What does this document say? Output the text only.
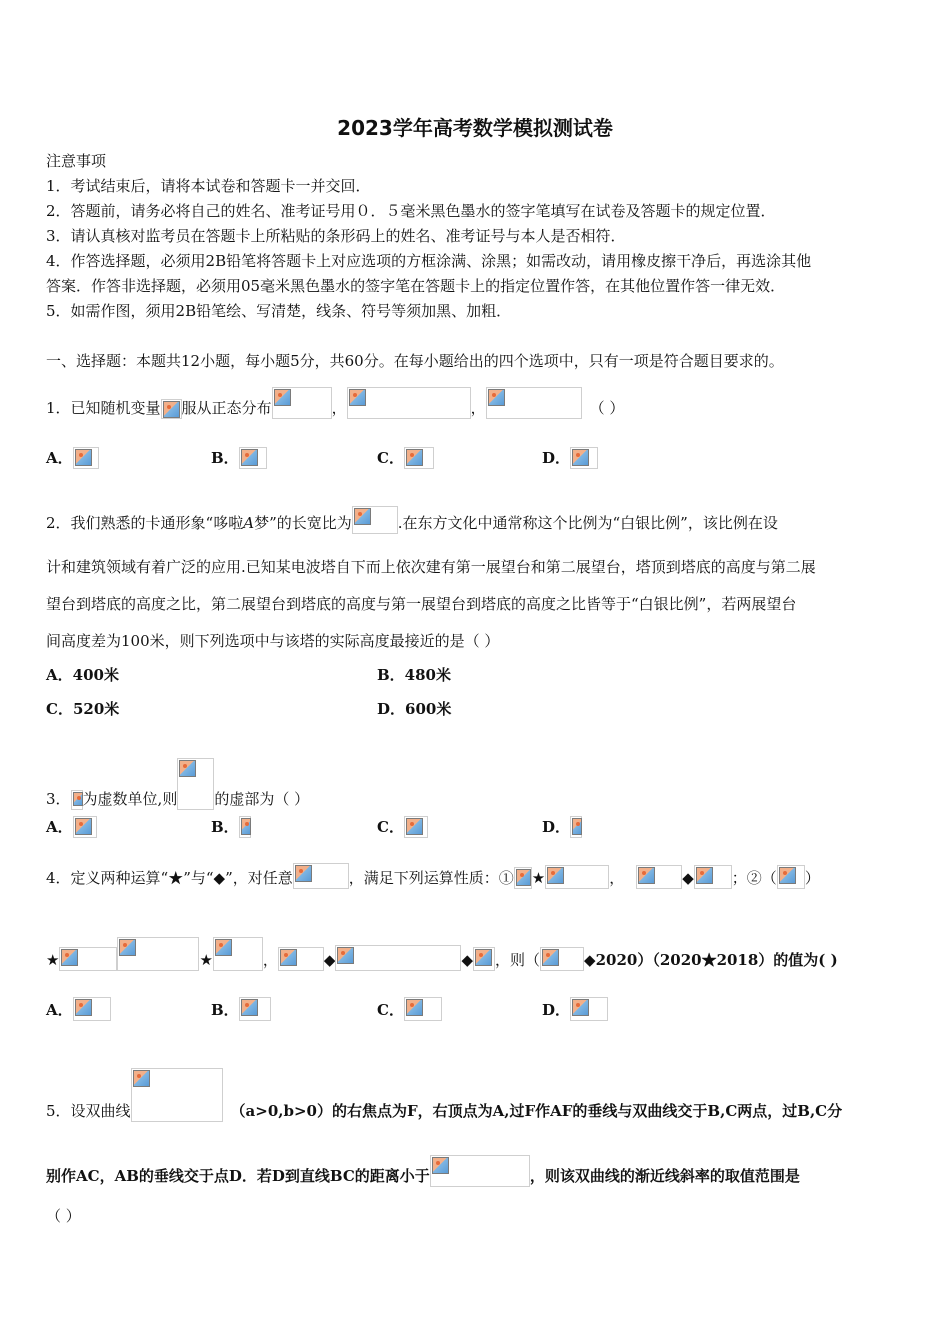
2023学年高考数学模拟测试卷
注意事项
1．考试结束后，请将本试卷和答题卡一并交回．
2．答题前，请务必将自己的姓名、准考证号用０．５毫米黑色墨水的签字笔填写在试卷及答题卡的规定位置．
3．请认真核对监考员在答题卡上所粘贴的条形码上的姓名、准考证号与本人是否相符．
4．作答选择题，必须用2B铅笔将答题卡上对应选项的方框涂满、涂黑；如需改动，请用橡皮擦干净后，再选涂其他
答案．作答非选择题，必须用05毫米黑色墨水的签字笔在答题卡上的指定位置作答，在其他位置作答一律无效．
5．如需作图，须用2B铅笔绘、写清楚，线条、符号等须加黑、加粗．
一、选择题：本题共12小题，每小题5分，共60分。在每小题给出的四个选项中，只有一项是符合题目要求的。
1．已知随机变量 服从正态分布	，	，	（ ）
A．	B．	C．	D．
2．我们熟悉的卡通形象“哆啦A梦”的长宽比为	.在东方文化中通常称这个比例为“白银比例”，该比例在设
计和建筑领域有着广泛的应用.已知某电波塔自下而上依次建有第一展望台和第二展望台，塔顶到塔底的高度与第二展
望台到塔底的高度之比，第二展望台到塔底的高度与第一展望台到塔底的高度之比皆等于“白银比例”，若两展望台
间高度差为100米，则下列选项中与该塔的实际高度最接近的是（ ）
A．400米	B．480米
C．520米	D．600米
3． 为虚数单位,则 的虚部为（ ）
A．	B．	C．	D．
4．定义两种运算“★”与“◆”，对任意	，满足下列运算性质：① ★	，	◆	；②（ ）
★	★	，	◆	◆ ，则（	◆2020）（2020★2018）的值为( )
A．	B．	C．	D．
5．设双曲线	（a>0,b>0）的右焦点为F，右顶点为A,过F作AF的垂线与双曲线交于B,C两点，过B,C分
别作AC，AB的垂线交于点D．若D到直线BC的距离小于	，则该双曲线的渐近线斜率的取值范围是
（ ）
